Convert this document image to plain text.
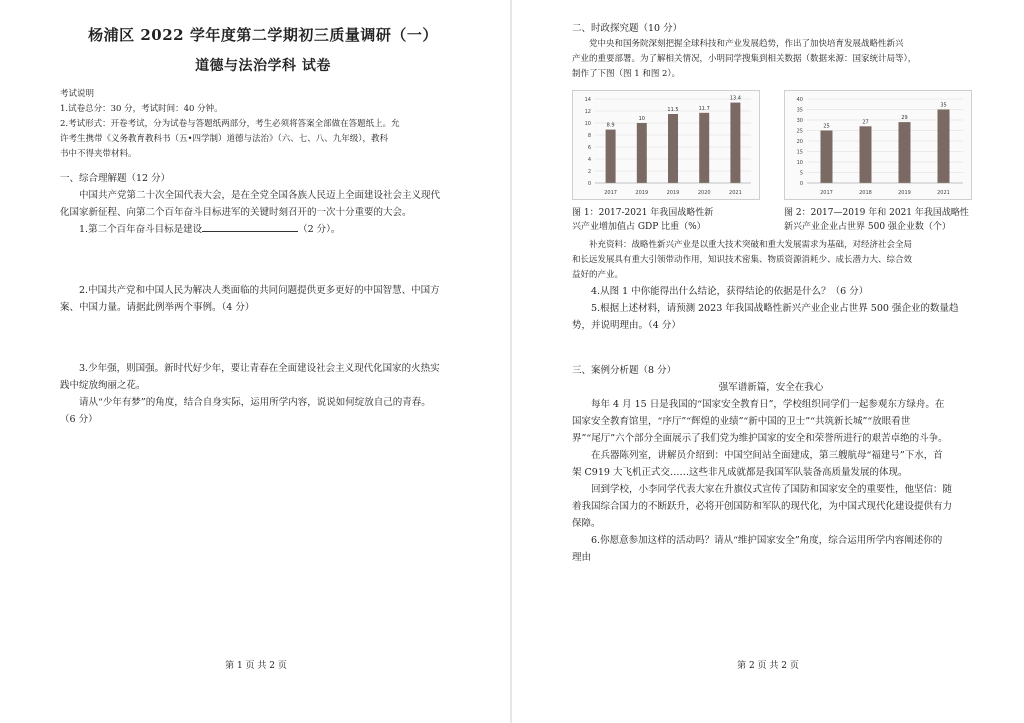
杨浦区 2022 学年度第二学期初三质量调研（一）
道德与法治学科 试卷

考试说明

1.试卷总分：30 分，考试时间：40 分钟。

2.考试形式：开卷考试，分为试卷与答题纸两部分，考生必须将答案全部做在答题纸上。允

许考生携带《义务教育教科书（五•四学制）道德与法治》（六、七、八、九年级），教科

书中不得夹带材料。

一、综合理解题（12 分）

中国共产党第二十次全国代表大会，是在全党全国各族人民迈上全面建设社会主义现代

化国家新征程、向第二个百年奋斗目标进军的关键时刻召开的一次十分重要的大会。

1.第二个百年奋斗目标是建设	（2 分）。

2.中国共产党和中国人民为解决人类面临的共同问题提供更多更好的中国智慧、中国方

案、中国力量。请据此例举两个事例。（4 分）

3.少年强，则国强。新时代好少年，要让青春在全面建设社会主义现代化国家的火热实

践中绽放绚丽之花。

请从“少年有梦”的角度，结合自身实际，运用所学内容，说说如何绽放自己的青春。

（6 分）

第 1 页 共 2 页

二、时政探究题（10 分）

党中央和国务院深刻把握全球科技和产业发展趋势，作出了加快培育发展战略性新兴

产业的重要部署。为了解相关情况，小明同学搜集到相关数据（数据来源：国家统计局等），

制作了下图（图 1 和图 2）。

0
2
4
6
8
10
12
14
8.9
2017
10
2019
11.5
2019
11.7
2020
13.4
2021
图 1：2017-2021 年我国战略性新
兴产业增加值占 GDP 比重（%）
0
5
10
15
20
25
30
35
40
25
2017
27
2018
29
2019
35
2021
图 2：2017—2019 年和 2021 年我国战略性
新兴产业企业占世界 500 强企业数（个）

补充资料：战略性新兴产业是以重大技术突破和重大发展需求为基础，对经济社会全局

和长远发展具有重大引领带动作用，知识技术密集、物质资源消耗少、成长潜力大、综合效

益好的产业。

4.从图 1 中你能得出什么结论，获得结论的依据是什么？（6 分）

5.根据上述材料，请预测 2023 年我国战略性新兴产业企业占世界 500 强企业的数量趋

势，并说明理由。（4 分）

三、案例分析题（8 分）

强军谱新篇，安全在我心

每年 4 月 15 日是我国的“国家安全教育日”，学校组织同学们一起参观东方绿舟。在

国家安全教育馆里，“序厅”“辉煌的业绩”“新中国的卫士”“共筑新长城”“放眼看世

界”“尾厅”六个部分全面展示了我们党为维护国家的安全和荣誉所进行的艰苦卓绝的斗争。

在兵器陈列室，讲解员介绍到：中国空间站全面建成，第三艘航母“福建号”下水，首

架 C919 大飞机正式交……这些非凡成就都是我国军队装备高质量发展的体现。

回到学校，小李同学代表大家在升旗仪式宣传了国防和国家安全的重要性，他坚信：随

着我国综合国力的不断跃升，必将开创国防和军队的现代化，为中国式现代化建设提供有力

保障。

6.你愿意参加这样的活动吗？请从“维护国家安全”角度，综合运用所学内容阐述你的

理由

第 2 页 共 2 页
